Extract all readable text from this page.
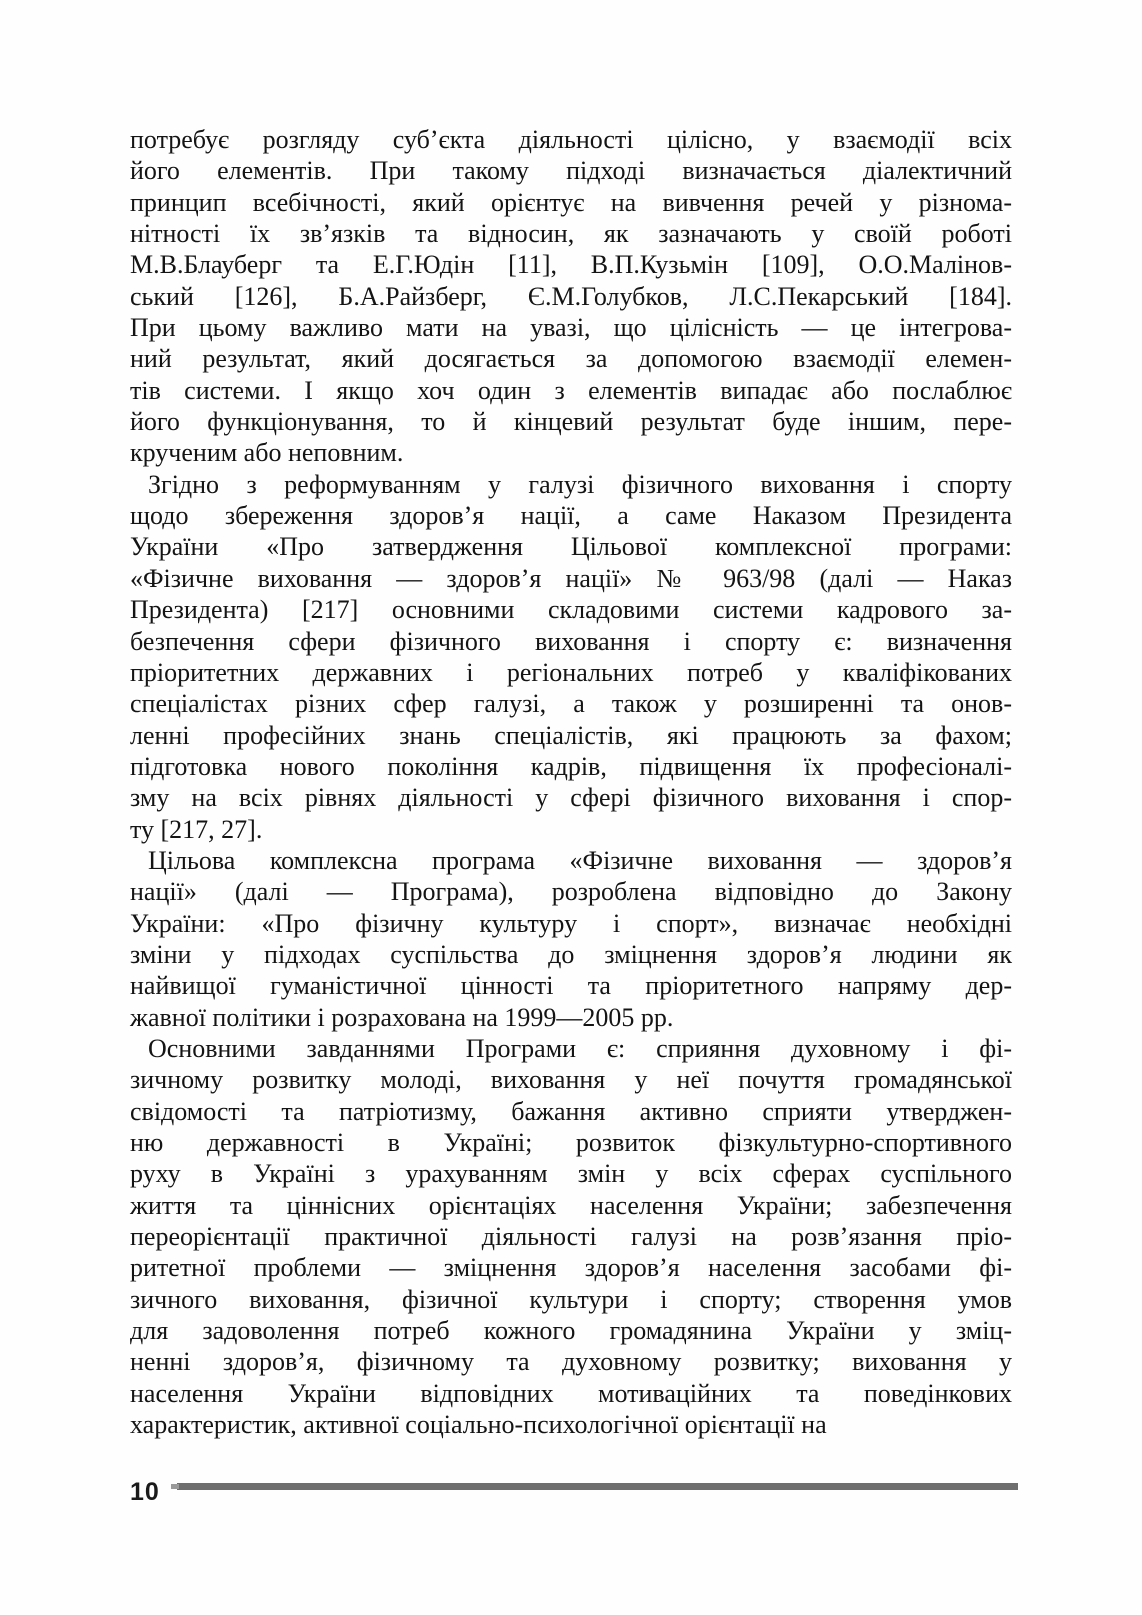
потребує розгляду суб’єкта діяльності цілісно, у взаємодії всіх
його елементів. При такому підході визначається діалектичний
принцип всебічності, який орієнтує на вивчення речей у різнома-
нітності їх зв’язків та відносин, як зазначають у своїй роботі
М.В.Блауберг та Е.Г.Юдін [11], В.П.Кузьмін [109], О.О.Малінов-
ський [126], Б.А.Райзберг, Є.М.Голубков, Л.С.Пекарський [184].
При цьому важливо мати на увазі, що цілісність — це інтегрова-
ний результат, який досягається за допомогою взаємодії елемен-
тів системи. І якщо хоч один з елементів випадає або послаблює
його функціонування, то й кінцевий результат буде іншим, пере-
крученим або неповним.
Згідно з реформуванням у галузі фізичного виховання і спорту
щодо збереження здоров’я нації, а саме Наказом Президента
України «Про затвердження Цільової комплексної програми:
«Фізичне виховання — здоров’я нації» № 963/98 (далі — Наказ
Президента) [217] основними складовими системи кадрового за-
безпечення сфери фізичного виховання і спорту є: визначення
пріоритетних державних і регіональних потреб у кваліфікованих
спеціалістах різних сфер галузі, а також у розширенні та онов-
ленні професійних знань спеціалістів, які працюють за фахом;
підготовка нового покоління кадрів, підвищення їх професіоналі-
зму на всіх рівнях діяльності у сфері фізичного виховання і спор-
ту [217, 27].
Цільова комплексна програма «Фізичне виховання — здоров’я
нації» (далі — Програма), розроблена відповідно до Закону
України: «Про фізичну культуру і спорт», визначає необхідні
зміни у підходах суспільства до зміцнення здоров’я людини як
найвищої гуманістичної цінності та пріоритетного напряму дер-
жавної політики і розрахована на 1999—2005 рр.
Основними завданнями Програми є: сприяння духовному і фі-
зичному розвитку молоді, виховання у неї почуття громадянської
свідомості та патріотизму, бажання активно сприяти утверджен-
ню державності в Україні; розвиток фізкультурно-спортивного
руху в Україні з урахуванням змін у всіх сферах суспільного
життя та ціннісних орієнтаціях населення України; забезпечення
переорієнтації практичної діяльності галузі на розв’язання пріо-
ритетної проблеми — зміцнення здоров’я населення засобами фі-
зичного виховання, фізичної культури і спорту; створення умов
для задоволення потреб кожного громадянина України у зміц-
ненні здоров’я, фізичному та духовному розвитку; виховання у
населення України відповідних мотиваційних та поведінкових
характеристик, активної соціально-психологічної орієнтації на
10
